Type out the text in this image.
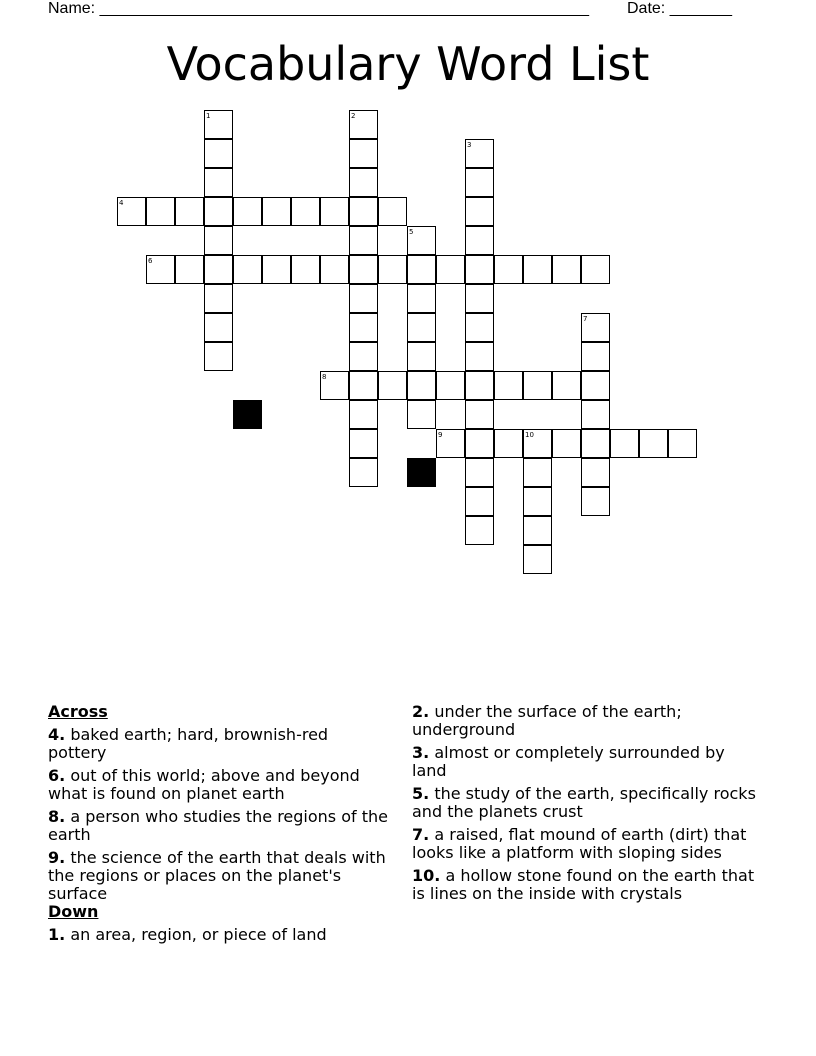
Name: _______________________________________________________ Date: _______
Vocabulary Word List
1	2
3
4
5
6
7
8
9	10
Across
4. baked earth; hard, brownish-red pottery
6. out of this world; above and beyond what is found on planet earth
8. a person who studies the regions of the earth
9. the science of the earth that deals with the regions or places on the planet's surface
Down
1. an area, region, or piece of land
2. under the surface of the earth; underground
3. almost or completely surrounded by land
5. the study of the earth, specifically rocks and the planets crust
7. a raised, flat mound of earth (dirt) that looks like a platform with sloping sides
10. a hollow stone found on the earth that is lines on the inside with crystals
